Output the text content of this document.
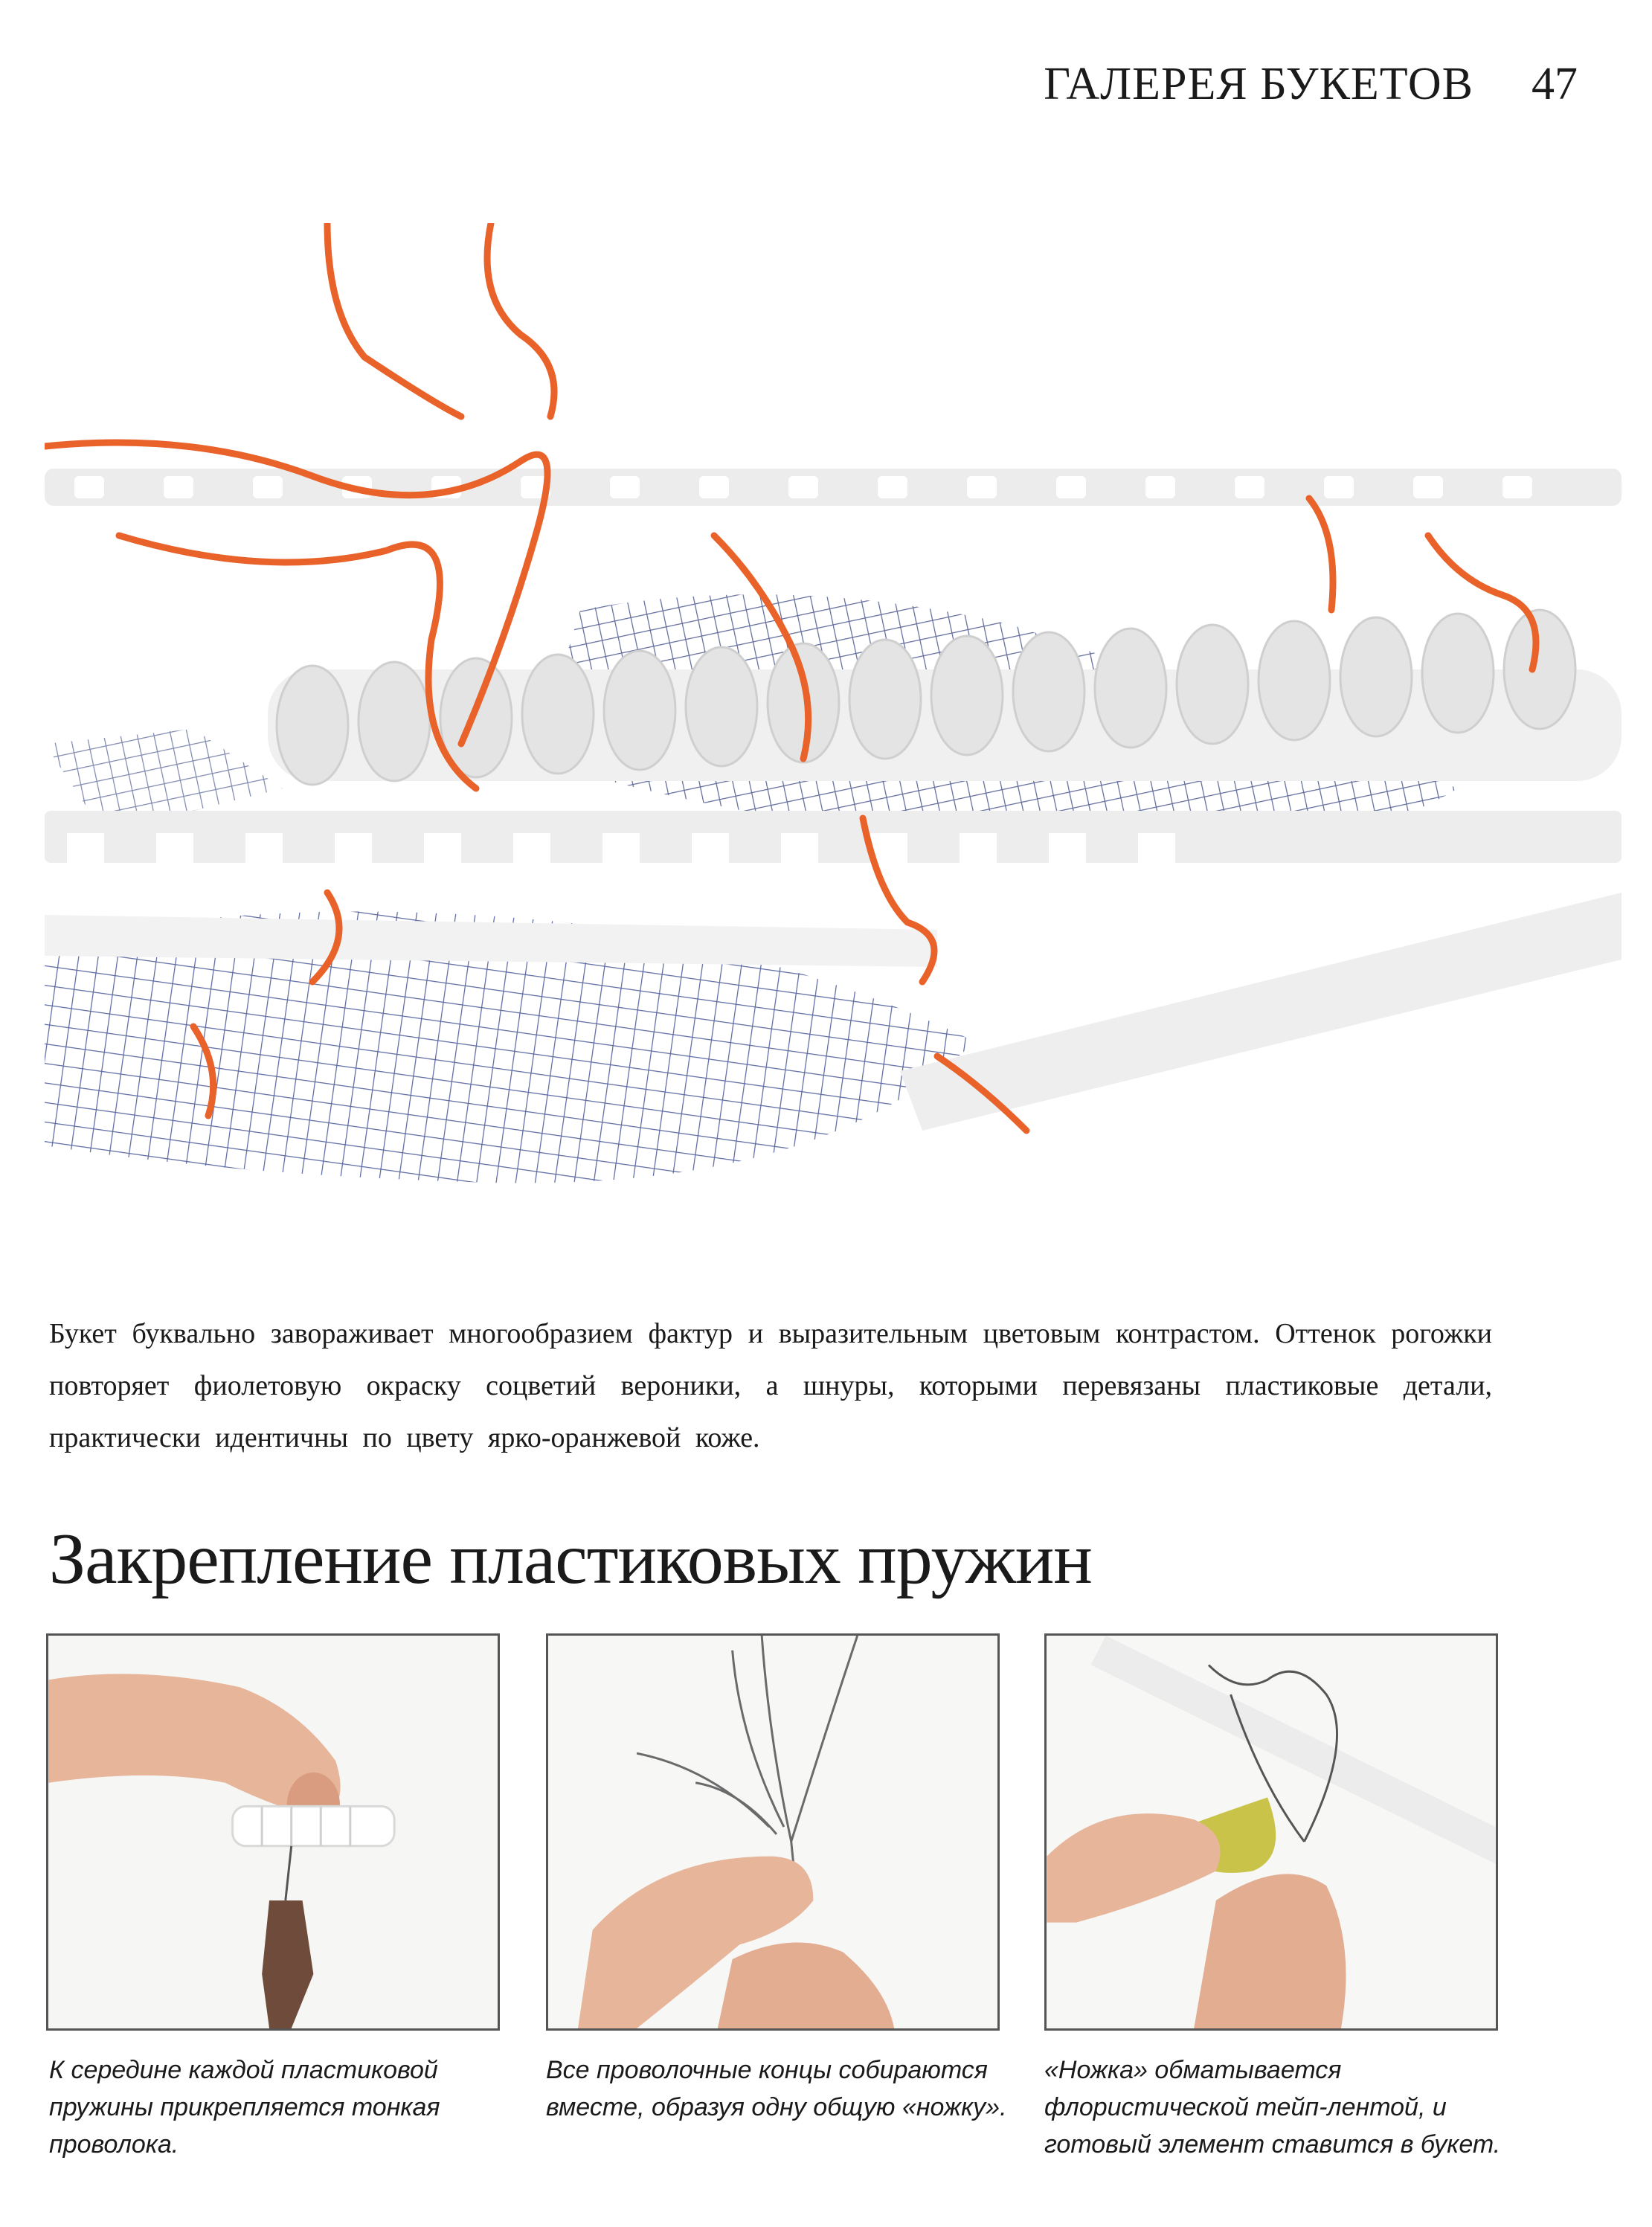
ГАЛЕРЕЯ БУКЕТОВ 47

Букет буквально завораживает многообразием фактур и выразительным цветовым контрастом. Оттенок рогожки повторяет фиолетовую окраску соцветий вероники, а шнуры, которыми перевязаны пластиковые детали, практически идентичны по цвету ярко-оранжевой коже.

Закрепление пластиковых пружин

К середине каждой пластиковой пружины прикрепляется тонкая проволока.

Все проволочные концы собираются вместе, образуя одну общую «ножку».

«Ножка» обматывается флористической тейп-лентой, и готовый элемент ставится в букет.
